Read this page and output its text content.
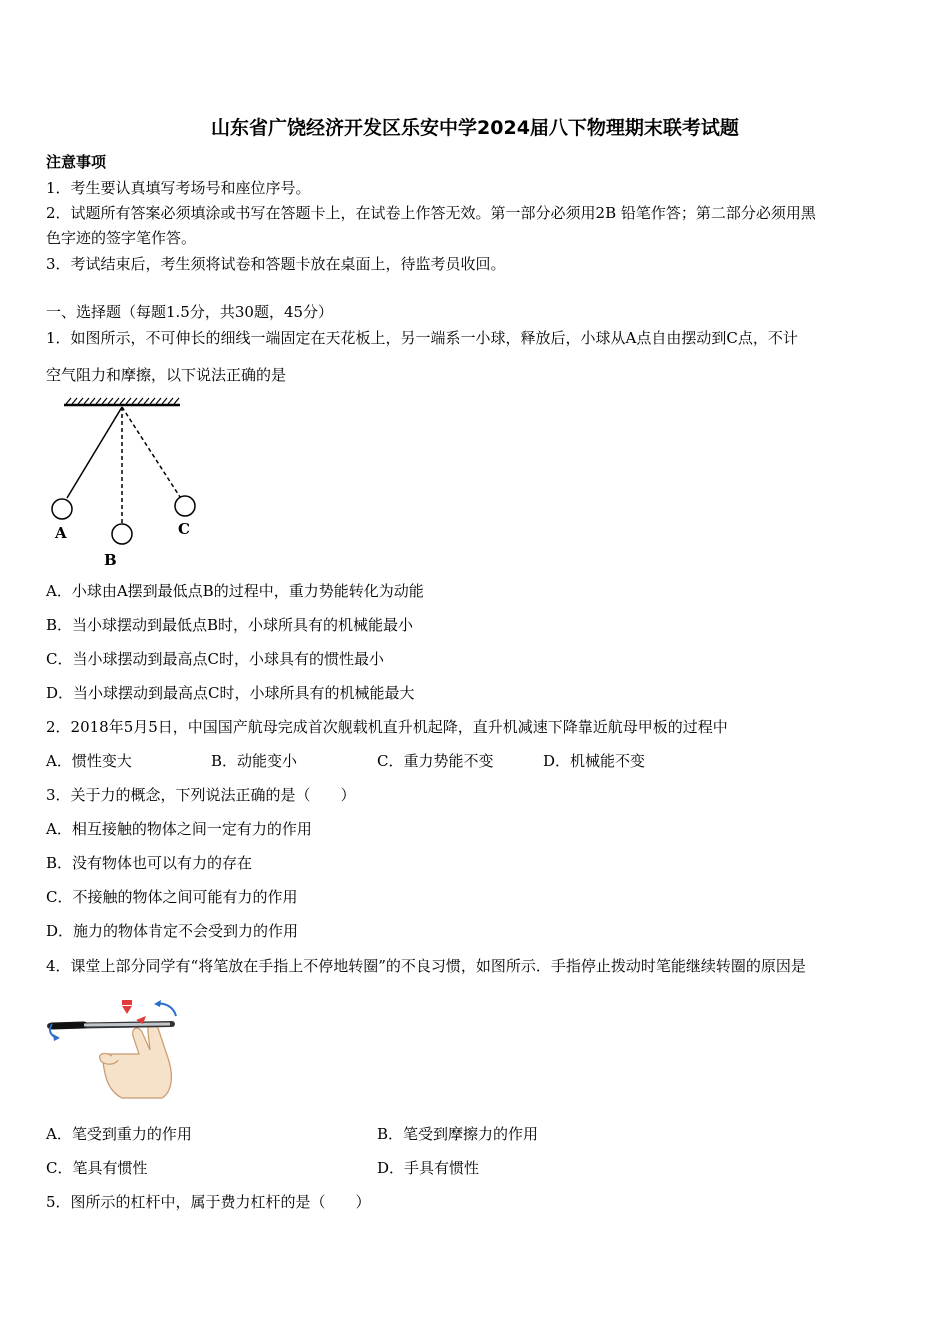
山东省广饶经济开发区乐安中学2024届八下物理期末联考试题
注意事项
1．考生要认真填写考场号和座位序号。
2．试题所有答案必须填涂或书写在答题卡上，在试卷上作答无效。第一部分必须用2B 铅笔作答；第二部分必须用黑
色字迹的签字笔作答。
3．考试结束后，考生须将试卷和答题卡放在桌面上，待监考员收回。
一、选择题（每题1.5分，共30题，45分）
1．如图所示，不可伸长的细线一端固定在天花板上，另一端系一小球，释放后，小球从A点自由摆动到C点，不计
空气阻力和摩擦，以下说法正确的是
A
B
C
A．小球由A摆到最低点B的过程中，重力势能转化为动能
B．当小球摆动到最低点B时，小球所具有的机械能最小
C．当小球摆动到最高点C时，小球具有的惯性最小
D．当小球摆动到最高点C时，小球所具有的机械能最大
2．2018年5月5日，中国国产航母完成首次舰载机直升机起降，直升机减速下降靠近航母甲板的过程中
A．惯性变大	B．动能变小	C．重力势能不变	D．机械能不变
3．关于力的概念，下列说法正确的是（　　）
A．相互接触的物体之间一定有力的作用
B．没有物体也可以有力的存在
C．不接触的物体之间可能有力的作用
D．施力的物体肯定不会受到力的作用
4．课堂上部分同学有“将笔放在手指上不停地转圈”的不良习惯，如图所示．手指停止拨动时笔能继续转圈的原因是
A．笔受到重力的作用	B．笔受到摩擦力的作用
C．笔具有惯性	D．手具有惯性
5．图所示的杠杆中，属于费力杠杆的是（　　）
